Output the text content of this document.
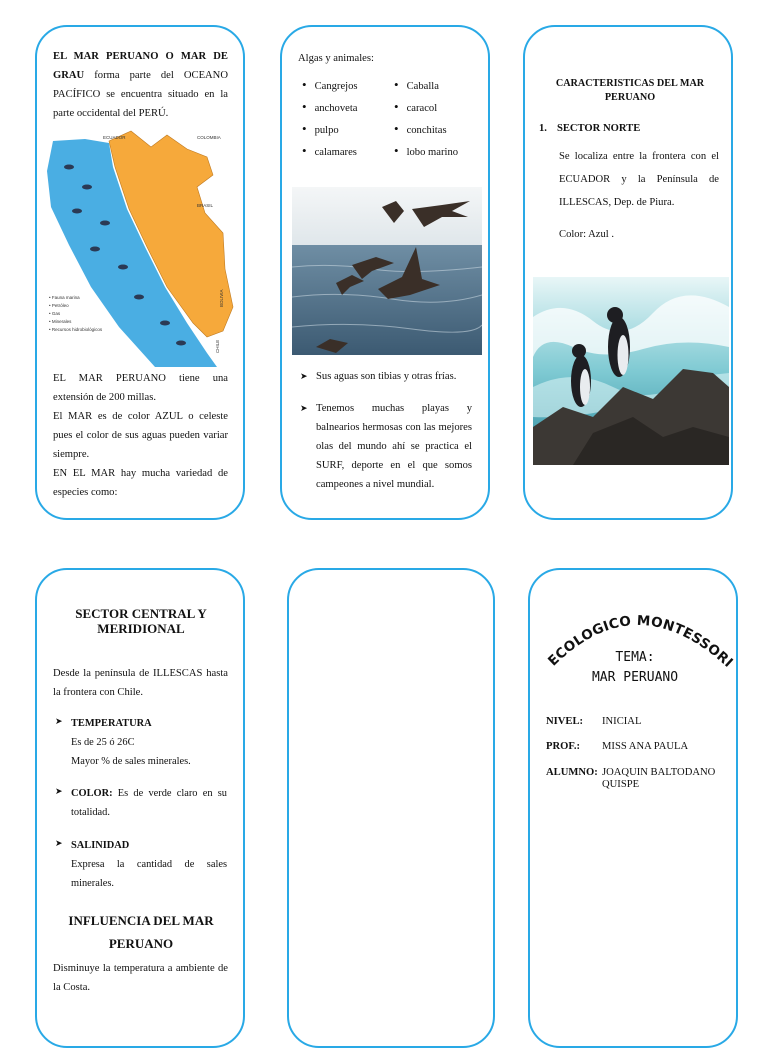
EL MAR PERUANO O MAR DE GRAU forma parte del OCEANO PACÍFICO se encuentra situado en la parte occidental del PERÚ.
ECUADOR	COLOMBIA
BRASIL
BOLIVIA
CHILE
• Fauna marina
• Petróleo
• Gas
• Minerales
• Recursos hidrobiológicos
EL MAR PERUANO tiene una extensión de 200 millas.
El MAR es de color AZUL o celeste pues el color de sus aguas pueden variar siempre.
EN EL MAR hay mucha variedad de especies como:
Algas y animales:
• Cangrejos
• anchoveta
• pulpo
• calamares
• Caballa
• caracol
• conchitas
• lobo marino
➤ Sus aguas son tibias y otras frías.
➤ Tenemos muchas playas y balnearios hermosas con las mejores olas del mundo ahí se practica el SURF, deporte en el que somos campeones a nivel mundial.
CARACTERISTICAS DEL MAR PERUANO
1. SECTOR NORTE
Se localiza entre la frontera con el ECUADOR y la Península de ILLESCAS, Dep. de Piura.
Color: Azul .
SECTOR CENTRAL Y MERIDIONAL
Desde la península de ILLESCAS hasta la frontera con Chile.
➤ TEMPERATURA
Es de 25 ó 26C
Mayor % de sales minerales.
➤ COLOR: Es de verde claro en su totalidad.
➤ SALINIDAD
Expresa la cantidad de sales minerales.
INFLUENCIA DEL MAR PERUANO
Disminuye la temperatura a ambiente de la Costa.
ECOLOGICO MONTESSORI
TEMA:
MAR PERUANO
NIVEL: INICIAL
PROF.: MISS ANA PAULA
ALUMNO: JOAQUIN BALTODANO QUISPE
